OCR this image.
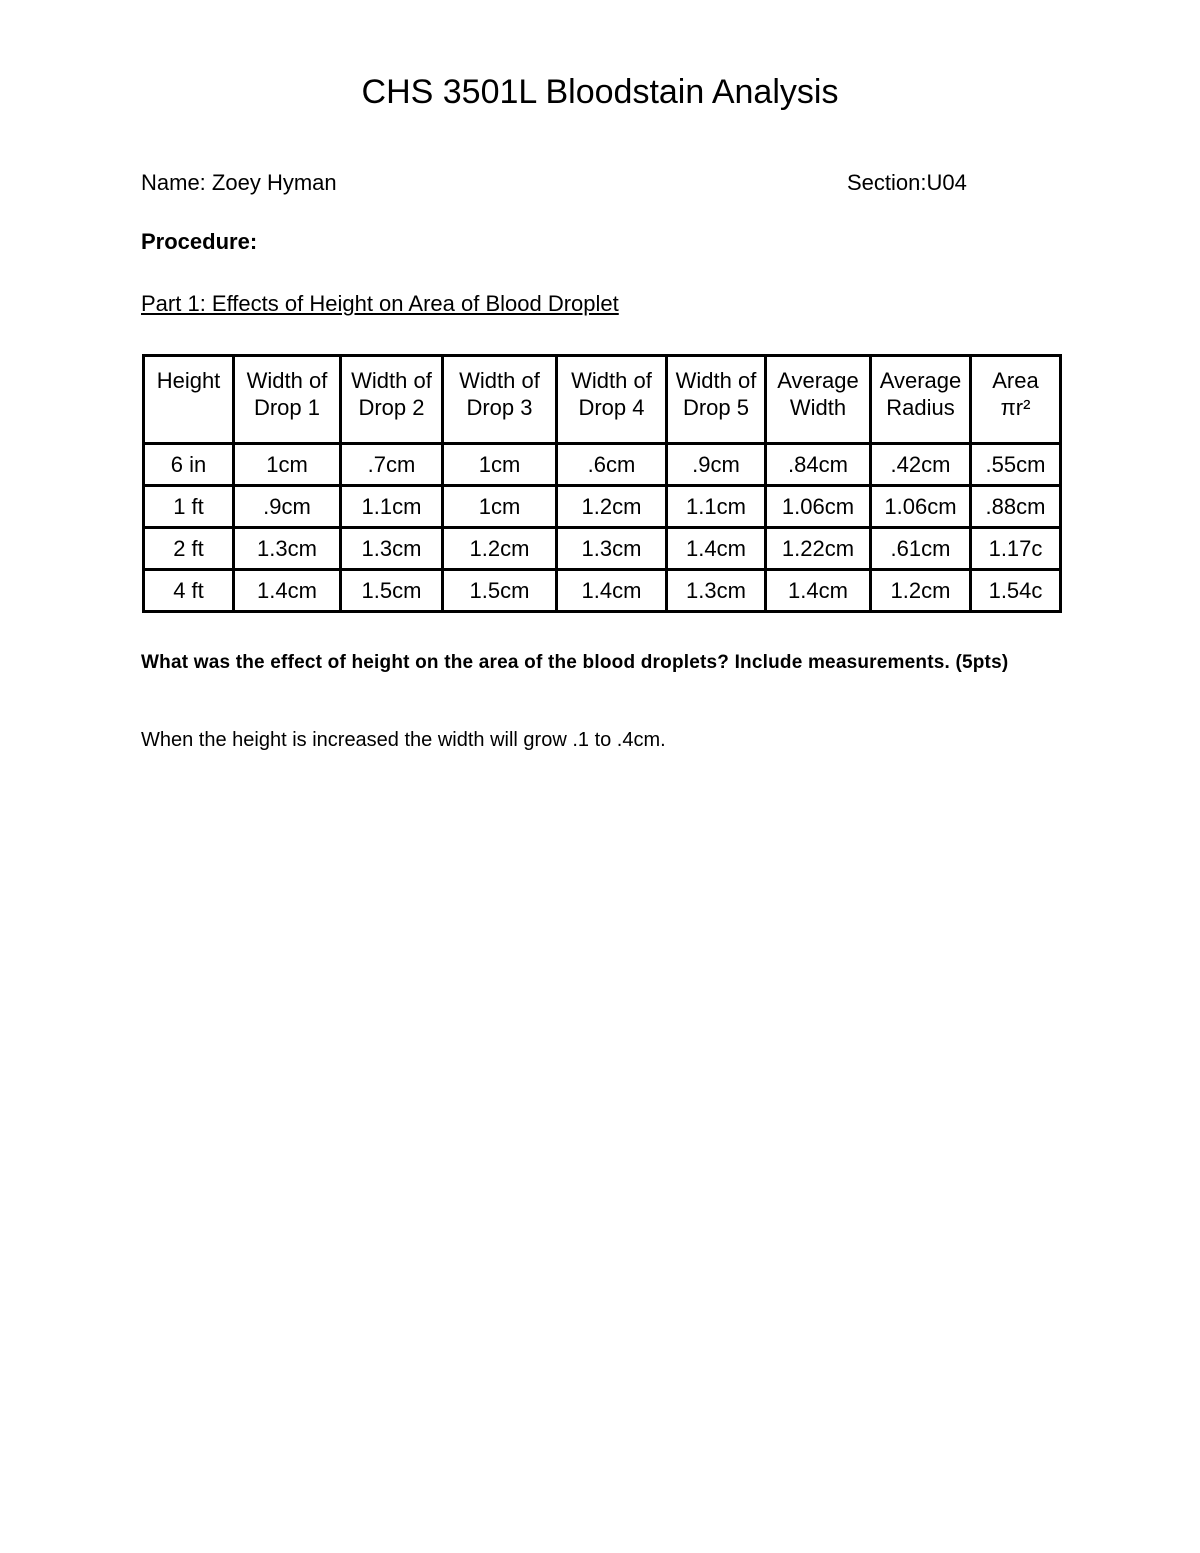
CHS 3501L Bloodstain Analysis
Name: Zoey Hyman	Section:U04
Procedure:
Part 1: Effects of Height on Area of Blood Droplet
Height	Width of Drop 1	Width of Drop 2	Width of Drop 3	Width of Drop 4	Width of Drop 5	Average Width	Average Radius	Area πr²

6 in	1cm	.7cm	1cm	.6cm	.9cm	.84cm	.42cm	.55cm
1 ft	.9cm	1.1cm	1cm	1.2cm	1.1cm	1.06cm	1.06cm	.88cm
2 ft	1.3cm	1.3cm	1.2cm	1.3cm	1.4cm	1.22cm	.61cm	1.17c
4 ft	1.4cm	1.5cm	1.5cm	1.4cm	1.3cm	1.4cm	1.2cm	1.54c
What was the effect of height on the area of the blood droplets? Include measurements. (5pts)
When the height is increased the width will grow .1 to .4cm.
